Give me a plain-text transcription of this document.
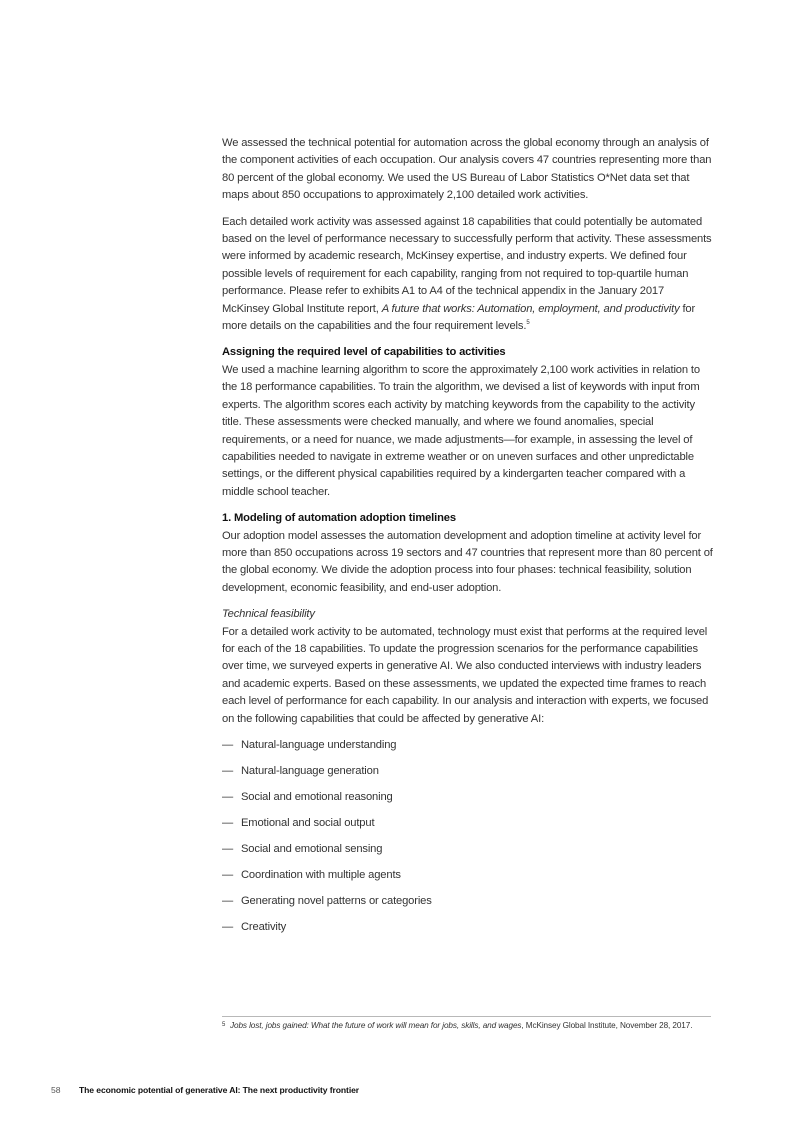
We assessed the technical potential for automation across the global economy through an analysis of the component activities of each occupation. Our analysis covers 47 countries representing more than 80 percent of the global economy. We used the US Bureau of Labor Statistics O*Net data set that maps about 850 occupations to approximately 2,100 detailed work activities.

Each detailed work activity was assessed against 18 capabilities that could potentially be automated based on the level of performance necessary to successfully perform that activity. These assessments were informed by academic research, McKinsey expertise, and industry experts. We defined four possible levels of requirement for each capability, ranging from not required to top-quartile human performance. Please refer to exhibits A1 to A4 of the technical appendix in the January 2017 McKinsey Global Institute report, A future that works: Automation, employment, and productivity for more details on the capabilities and the four requirement levels.$^5$

Assigning the required level of capabilities to activities
We used a machine learning algorithm to score the approximately 2,100 work activities in relation to the 18 performance capabilities. To train the algorithm, we devised a list of keywords with input from experts. The algorithm scores each activity by matching keywords from the capability to the activity title. These assessments were checked manually, and where we found anomalies, special requirements, or a need for nuance, we made adjustments—for example, in assessing the level of capabilities needed to navigate in extreme weather or on uneven surfaces and other unpredictable settings, or the different physical capabilities required by a kindergarten teacher compared with a middle school teacher.

1. Modeling of automation adoption timelines
Our adoption model assesses the automation development and adoption timeline at activity level for more than 850 occupations across 19 sectors and 47 countries that represent more than 80 percent of the global economy. We divide the adoption process into four phases: technical feasibility, solution development, economic feasibility, and end-user adoption.

Technical feasibility
For a detailed work activity to be automated, technology must exist that performs at the required level for each of the 18 capabilities. To update the progression scenarios for the performance capabilities over time, we surveyed experts in generative AI. We also conducted interviews with industry leaders and academic experts. Based on these assessments, we updated the expected time frames to reach each level of performance for each capability. In our analysis and interaction with experts, we focused on the following capabilities that could be affected by generative AI:

— Natural-language understanding
— Natural-language generation
— Social and emotional reasoning
— Emotional and social output
— Social and emotional sensing
— Coordination with multiple agents
— Generating novel patterns or categories
— Creativity
5 Jobs lost, jobs gained: What the future of work will mean for jobs, skills, and wages, McKinsey Global Institute, November 28, 2017.
58	The economic potential of generative AI: The next productivity frontier
